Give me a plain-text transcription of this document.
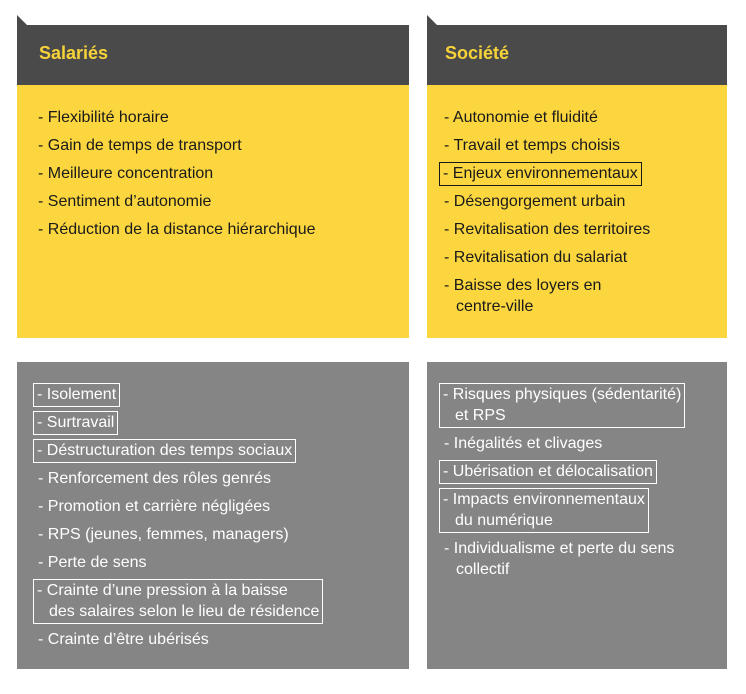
Salariés
- Flexibilité horaire
- Gain de temps de transport
- Meilleure concentration
- Sentiment d’autonomie
- Réduction de la distance hiérarchique
- Isolement
- Surtravail
- Déstructuration des temps sociaux
- Renforcement des rôles genrés
- Promotion et carrière négligées
- RPS (jeunes, femmes, managers)
- Perte de sens
- Crainte d’une pression à la baisse
des salaires selon le lieu de résidence
- Crainte d’être ubérisés
Société
- Autonomie et fluidité
- Travail et temps choisis
- Enjeux environnementaux
- Désengorgement urbain
- Revitalisation des territoires
- Revitalisation du salariat
- Baisse des loyers en
centre-ville
- Risques physiques (sédentarité)
et RPS
- Inégalités et clivages
- Ubérisation et délocalisation
- Impacts environnementaux
du numérique
- Individualisme et perte du sens
collectif
